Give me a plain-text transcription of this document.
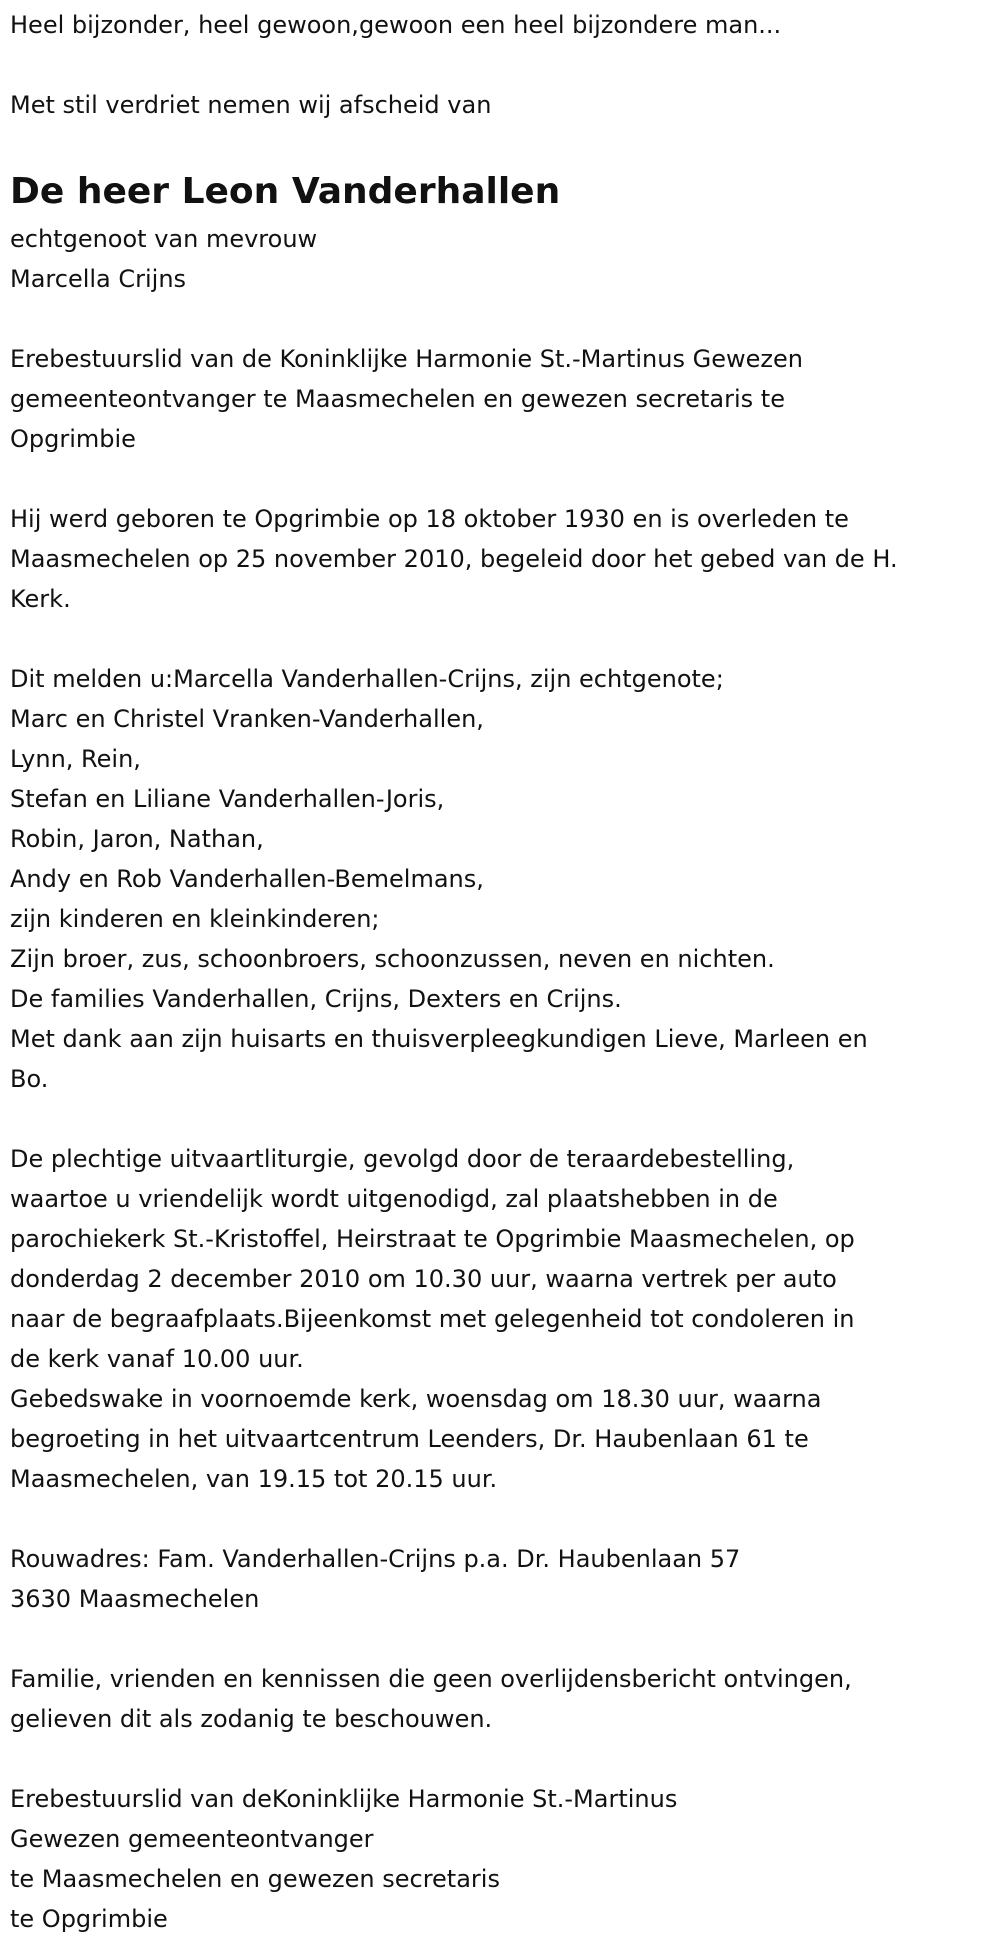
Heel bijzonder, heel gewoon,gewoon een heel bijzondere man...
Met stil verdriet nemen wij afscheid van
De heer Leon Vanderhallen
echtgenoot van mevrouw
Marcella Crijns
Erebestuurslid van de Koninklijke Harmonie St.-Martinus Gewezen
gemeenteontvanger te Maasmechelen en gewezen secretaris te
Opgrimbie
Hij werd geboren te Opgrimbie op 18 oktober 1930 en is overleden te
Maasmechelen op 25 november 2010, begeleid door het gebed van de H.
Kerk.
Dit melden u:Marcella Vanderhallen-Crijns, zijn echtgenote;
Marc en Christel Vranken-Vanderhallen,
Lynn, Rein,
Stefan en Liliane Vanderhallen-Joris,
Robin, Jaron, Nathan,
Andy en Rob Vanderhallen-Bemelmans,
zijn kinderen en kleinkinderen;
Zijn broer, zus, schoonbroers, schoonzussen, neven en nichten.
De families Vanderhallen, Crijns, Dexters en Crijns.
Met dank aan zijn huisarts en thuisverpleegkundigen Lieve, Marleen en
Bo.
De plechtige uitvaartliturgie, gevolgd door de teraardebestelling,
waartoe u vriendelijk wordt uitgenodigd, zal plaatshebben in de
parochiekerk St.-Kristoffel, Heirstraat te Opgrimbie Maasmechelen, op
donderdag 2 december 2010 om 10.30 uur, waarna vertrek per auto
naar de begraafplaats.Bijeenkomst met gelegenheid tot condoleren in
de kerk vanaf 10.00 uur.
Gebedswake in voornoemde kerk, woensdag om 18.30 uur, waarna
begroeting in het uitvaartcentrum Leenders, Dr. Haubenlaan 61 te
Maasmechelen, van 19.15 tot 20.15 uur.
Rouwadres: Fam. Vanderhallen-Crijns p.a. Dr. Haubenlaan 57
3630 Maasmechelen
Familie, vrienden en kennissen die geen overlijdensbericht ontvingen,
gelieven dit als zodanig te beschouwen.
Erebestuurslid van deKoninklijke Harmonie St.-Martinus
Gewezen gemeenteontvanger
te Maasmechelen en gewezen secretaris
te Opgrimbie
